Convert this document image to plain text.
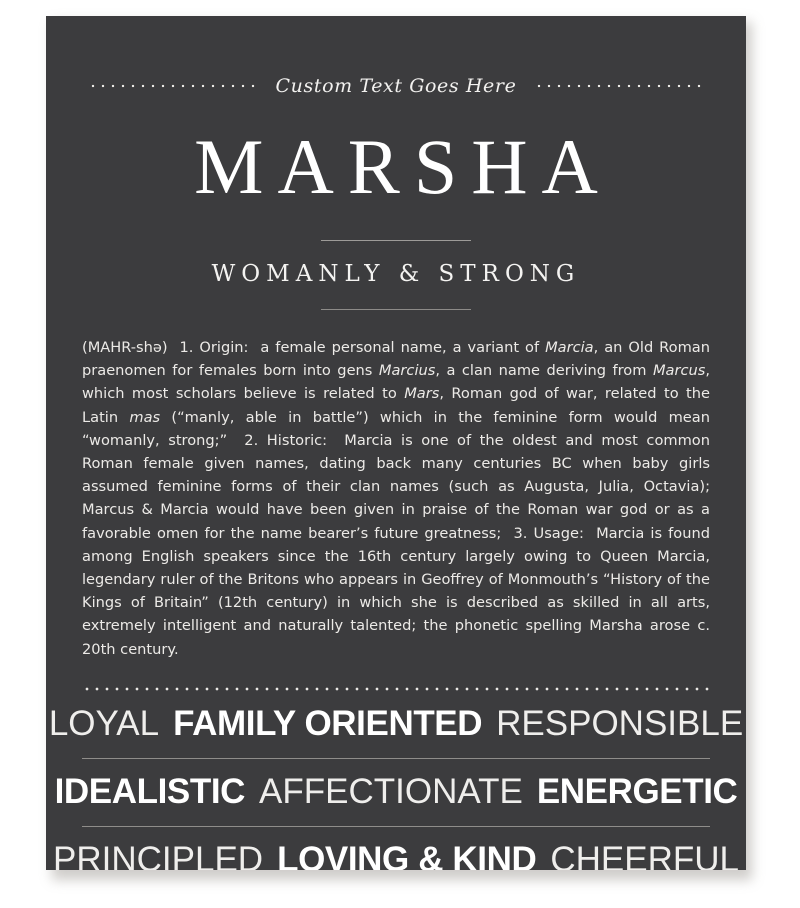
Custom Text Goes Here
MARSHA
WOMANLY & STRONG
(MAHR-shə)  1. Origin:  a female personal name, a variant of Marcia, an Old Roman praenomen for females born into gens Marcius, a clan name deriving from Marcus, which most scholars believe is related to Mars, Roman god of war, related to the Latin mas (“manly, able in battle”) which in the feminine form would mean “womanly, strong;”  2. Historic:  Marcia is one of the oldest and most common Roman female given names, dating back many centuries BC when baby girls assumed feminine forms of their clan names (such as Augusta, Julia, Octavia); Marcus & Marcia would have been given in praise of the Roman war god or as a favorable omen for the name bearer’s future greatness;  3. Usage:  Marcia is found among English speakers since the 16th century largely owing to Queen Marcia, legendary ruler of the Britons who appears in Geoffrey of Monmouth’s “History of the Kings of Britain” (12th century) in which she is described as skilled in all arts, extremely intelligent and naturally talented; the phonetic spelling Marsha arose c. 20th century.
LOYAL FAMILY ORIENTED RESPONSIBLE
IDEALISTIC AFFECTIONATE ENERGETIC
PRINCIPLED LOVING & KIND CHEERFUL
